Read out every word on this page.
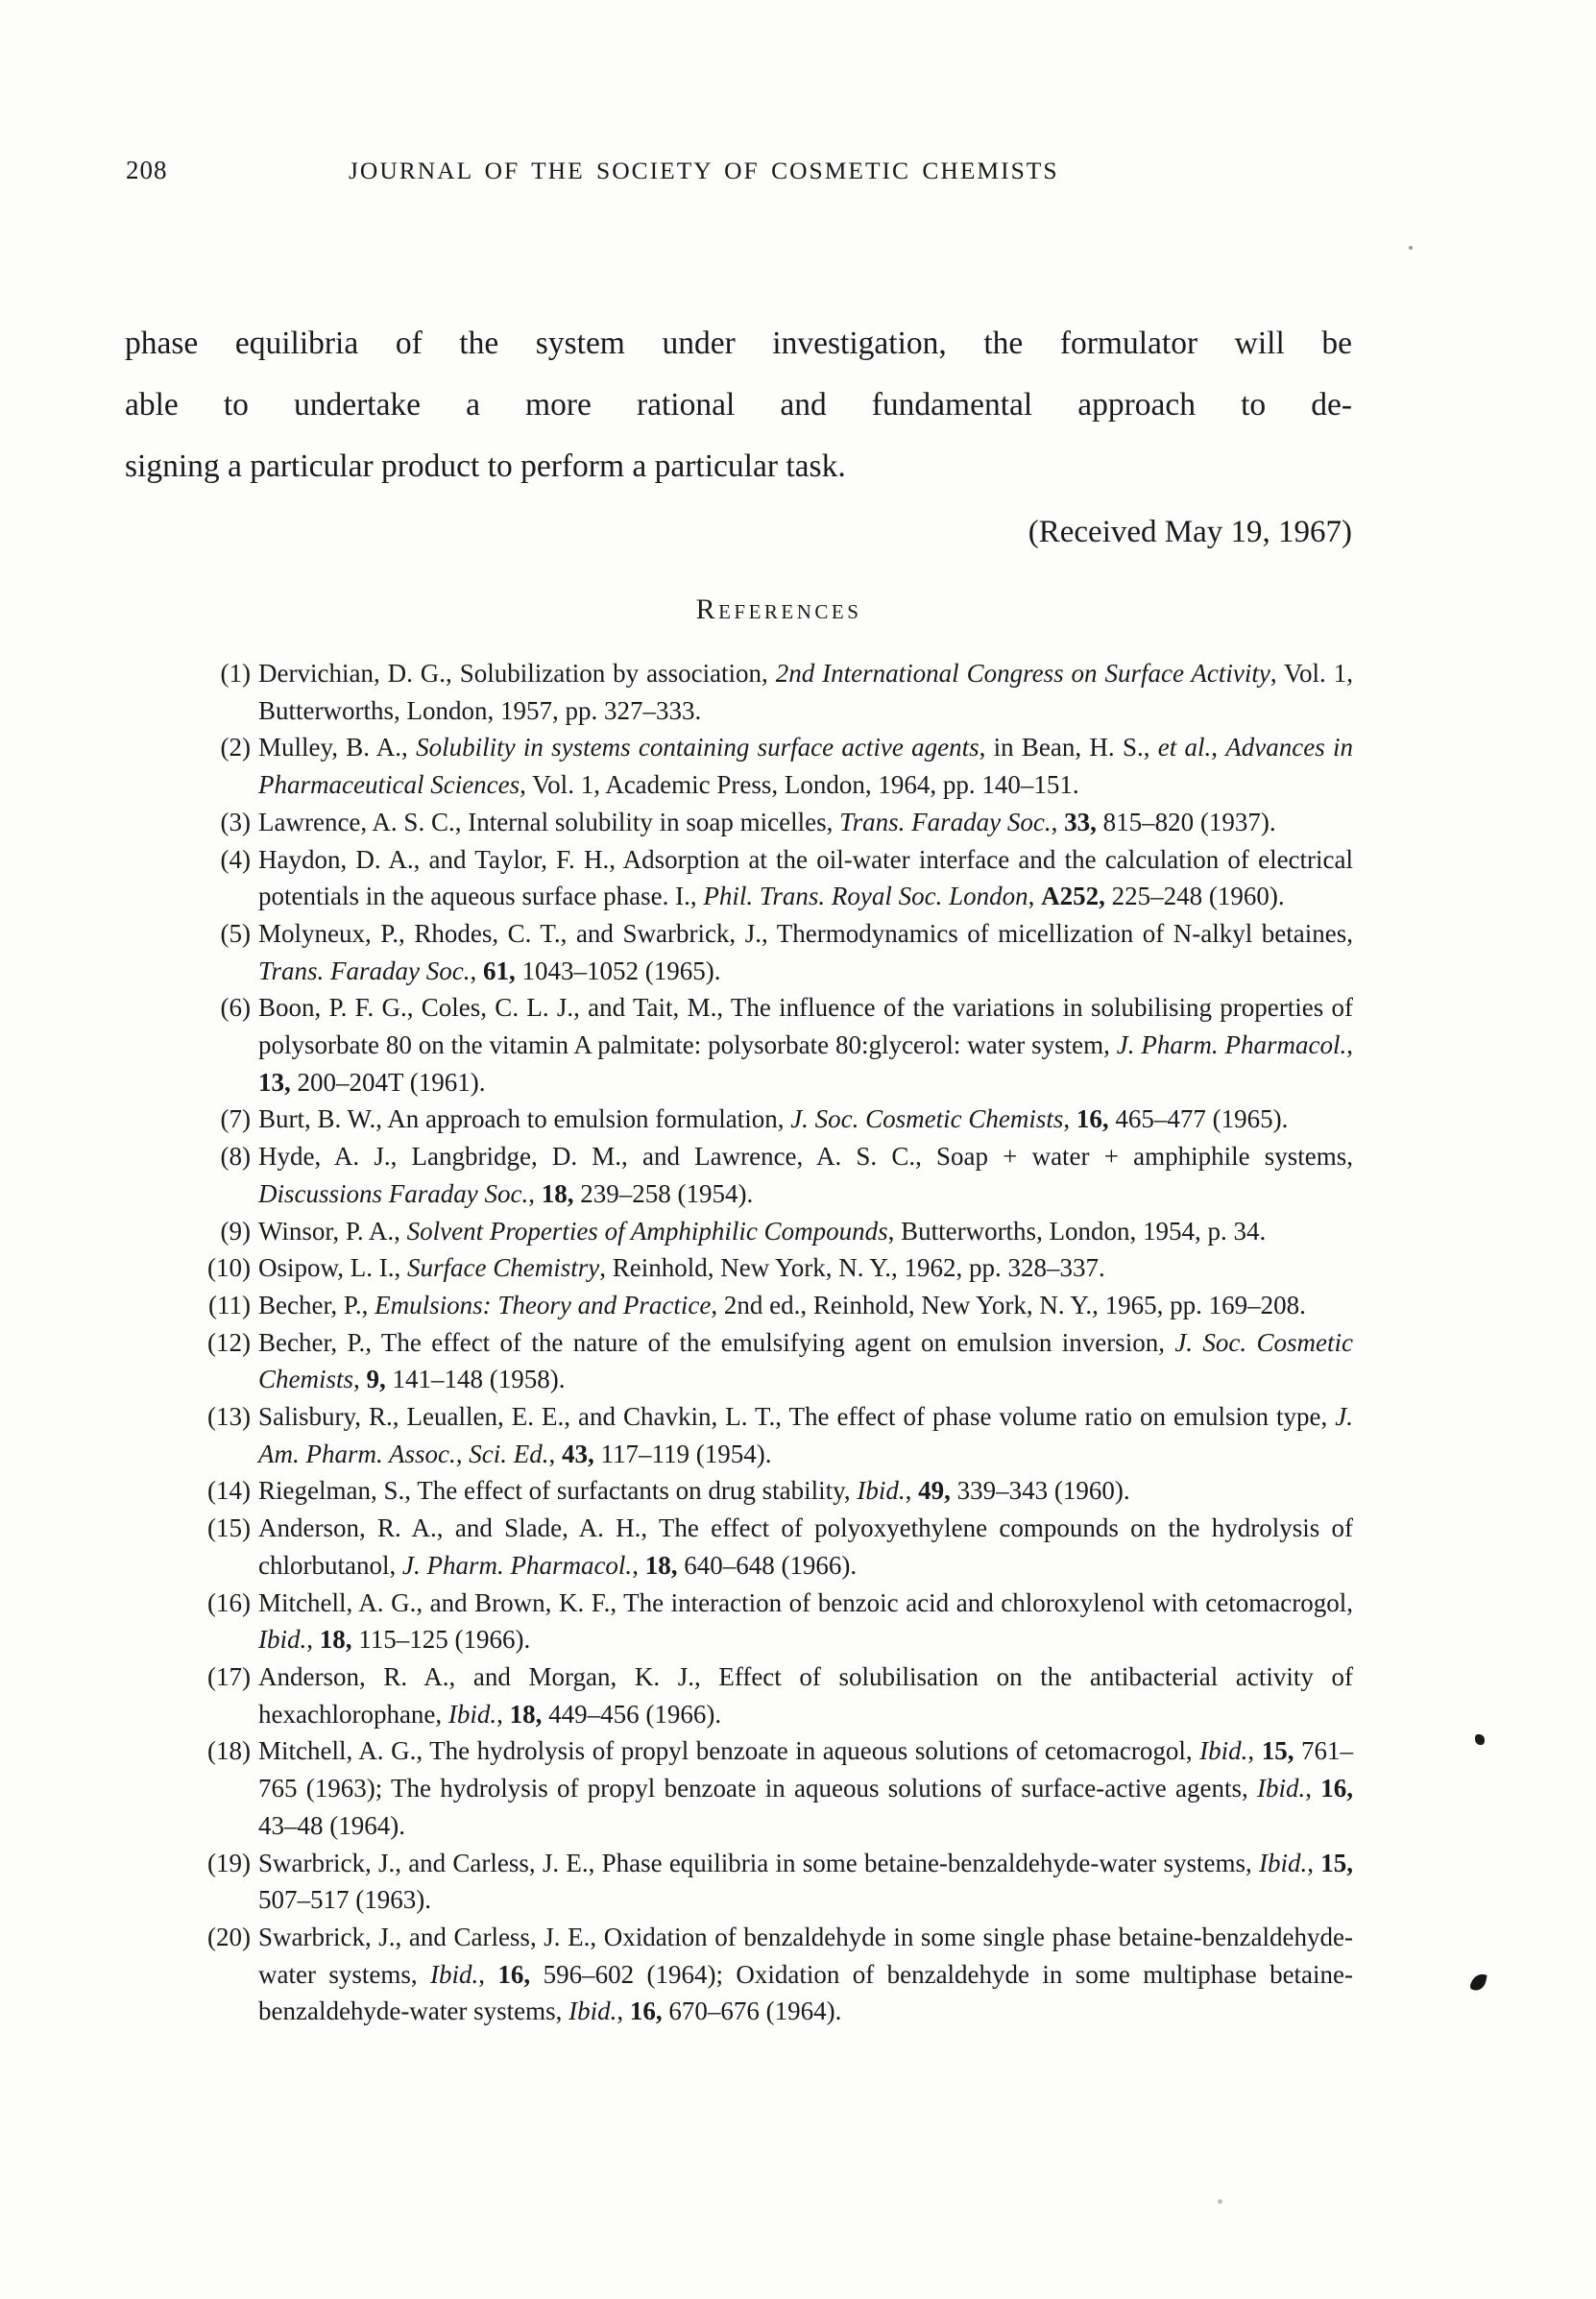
208	JOURNAL OF THE SOCIETY OF COSMETIC CHEMISTS
phase equilibria of the system under investigation, the formulator will be
able to undertake a more rational and fundamental approach to de-
signing a particular product to perform a particular task.
(Received May 19, 1967)
References
(1) Dervichian, D. G., Solubilization by association, 2nd International Congress on Surface Activity, Vol. 1, Butterworths, London, 1957, pp. 327–333.
(2) Mulley, B. A., Solubility in systems containing surface active agents, in Bean, H. S., et al., Advances in Pharmaceutical Sciences, Vol. 1, Academic Press, London, 1964, pp. 140–151.
(3) Lawrence, A. S. C., Internal solubility in soap micelles, Trans. Faraday Soc., 33, 815–820 (1937).
(4) Haydon, D. A., and Taylor, F. H., Adsorption at the oil-water interface and the calculation of electrical potentials in the aqueous surface phase. I., Phil. Trans. Royal Soc. London, A252, 225–248 (1960).
(5) Molyneux, P., Rhodes, C. T., and Swarbrick, J., Thermodynamics of micellization of N-alkyl betaines, Trans. Faraday Soc., 61, 1043–1052 (1965).
(6) Boon, P. F. G., Coles, C. L. J., and Tait, M., The influence of the variations in solubilising properties of polysorbate 80 on the vitamin A palmitate: polysorbate 80:glycerol: water system, J. Pharm. Pharmacol., 13, 200–204T (1961).
(7) Burt, B. W., An approach to emulsion formulation, J. Soc. Cosmetic Chemists, 16, 465–477 (1965).
(8) Hyde, A. J., Langbridge, D. M., and Lawrence, A. S. C., Soap + water + amphiphile systems, Discussions Faraday Soc., 18, 239–258 (1954).
(9) Winsor, P. A., Solvent Properties of Amphiphilic Compounds, Butterworths, London, 1954, p. 34.
(10) Osipow, L. I., Surface Chemistry, Reinhold, New York, N. Y., 1962, pp. 328–337.
(11) Becher, P., Emulsions: Theory and Practice, 2nd ed., Reinhold, New York, N. Y., 1965, pp. 169–208.
(12) Becher, P., The effect of the nature of the emulsifying agent on emulsion inversion, J. Soc. Cosmetic Chemists, 9, 141–148 (1958).
(13) Salisbury, R., Leuallen, E. E., and Chavkin, L. T., The effect of phase volume ratio on emulsion type, J. Am. Pharm. Assoc., Sci. Ed., 43, 117–119 (1954).
(14) Riegelman, S., The effect of surfactants on drug stability, Ibid., 49, 339–343 (1960).
(15) Anderson, R. A., and Slade, A. H., The effect of polyoxyethylene compounds on the hydrolysis of chlorbutanol, J. Pharm. Pharmacol., 18, 640–648 (1966).
(16) Mitchell, A. G., and Brown, K. F., The interaction of benzoic acid and chloroxylenol with cetomacrogol, Ibid., 18, 115–125 (1966).
(17) Anderson, R. A., and Morgan, K. J., Effect of solubilisation on the antibacterial activity of hexachlorophane, Ibid., 18, 449–456 (1966).
(18) Mitchell, A. G., The hydrolysis of propyl benzoate in aqueous solutions of cetomacrogol, Ibid., 15, 761–765 (1963); The hydrolysis of propyl benzoate in aqueous solutions of surface-active agents, Ibid., 16, 43–48 (1964).
(19) Swarbrick, J., and Carless, J. E., Phase equilibria in some betaine-benzaldehyde-water systems, Ibid., 15, 507–517 (1963).
(20) Swarbrick, J., and Carless, J. E., Oxidation of benzaldehyde in some single phase betaine-benzaldehyde-water systems, Ibid., 16, 596–602 (1964); Oxidation of benzaldehyde in some multiphase betaine-benzaldehyde-water systems, Ibid., 16, 670–676 (1964).
